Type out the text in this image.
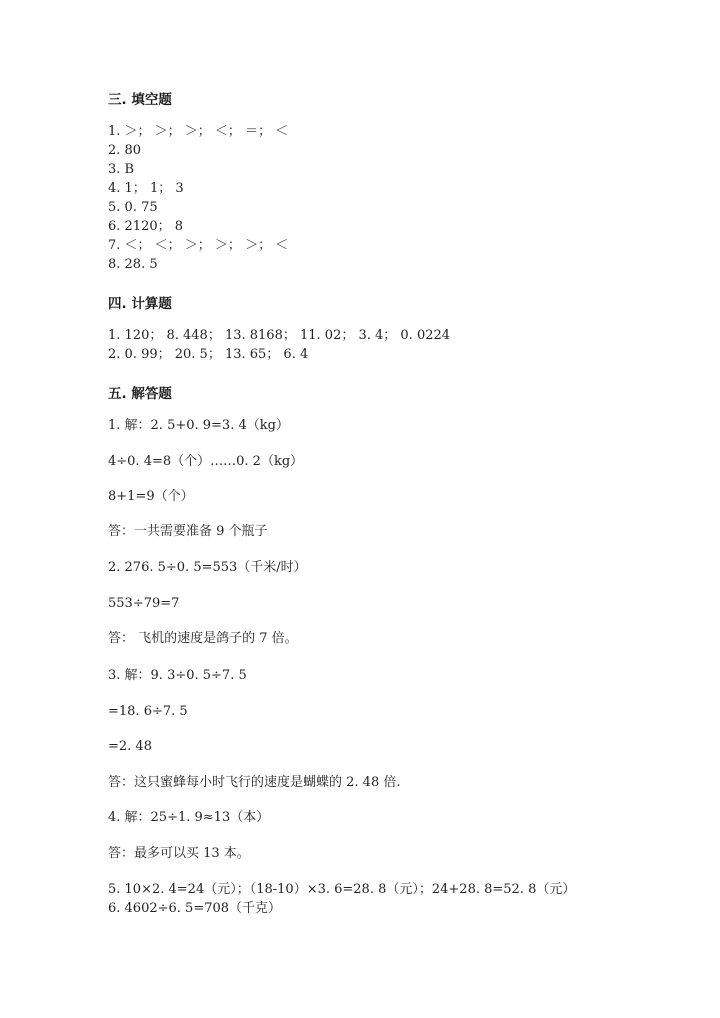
三. 填空题
1. ＞； ＞； ＞； ＜； ＝； ＜
2. 80
3. B
4. 1； 1； 3
5. 0. 75
6. 2120； 8
7. ＜； ＜； ＞； ＞； ＞； ＜
8. 28. 5
四. 计算题
1. 120； 8. 448； 13. 8168； 11. 02； 3. 4； 0. 0224
2. 0. 99； 20. 5； 13. 65； 6. 4
五. 解答题
1. 解：2. 5+0. 9=3. 4（kg）
4÷0. 4=8（个）……0. 2（kg）
8+1=9（个）
答：一共需要准备 9 个瓶子
2. 276. 5÷0. 5=553（千米/时）
553÷79=7
答： 飞机的速度是鸽子的 7 倍。
3. 解：9. 3÷0. 5÷7. 5
=18. 6÷7. 5
=2. 48
答：这只蜜蜂每小时飞行的速度是蝴蝶的 2. 48 倍.
4. 解：25÷1. 9≈13（本）
答：最多可以买 13 本。
5. 10×2. 4=24（元）；（18-10）×3. 6=28. 8（元）；24+28. 8=52. 8（元）
6. 4602÷6. 5=708（千克）
